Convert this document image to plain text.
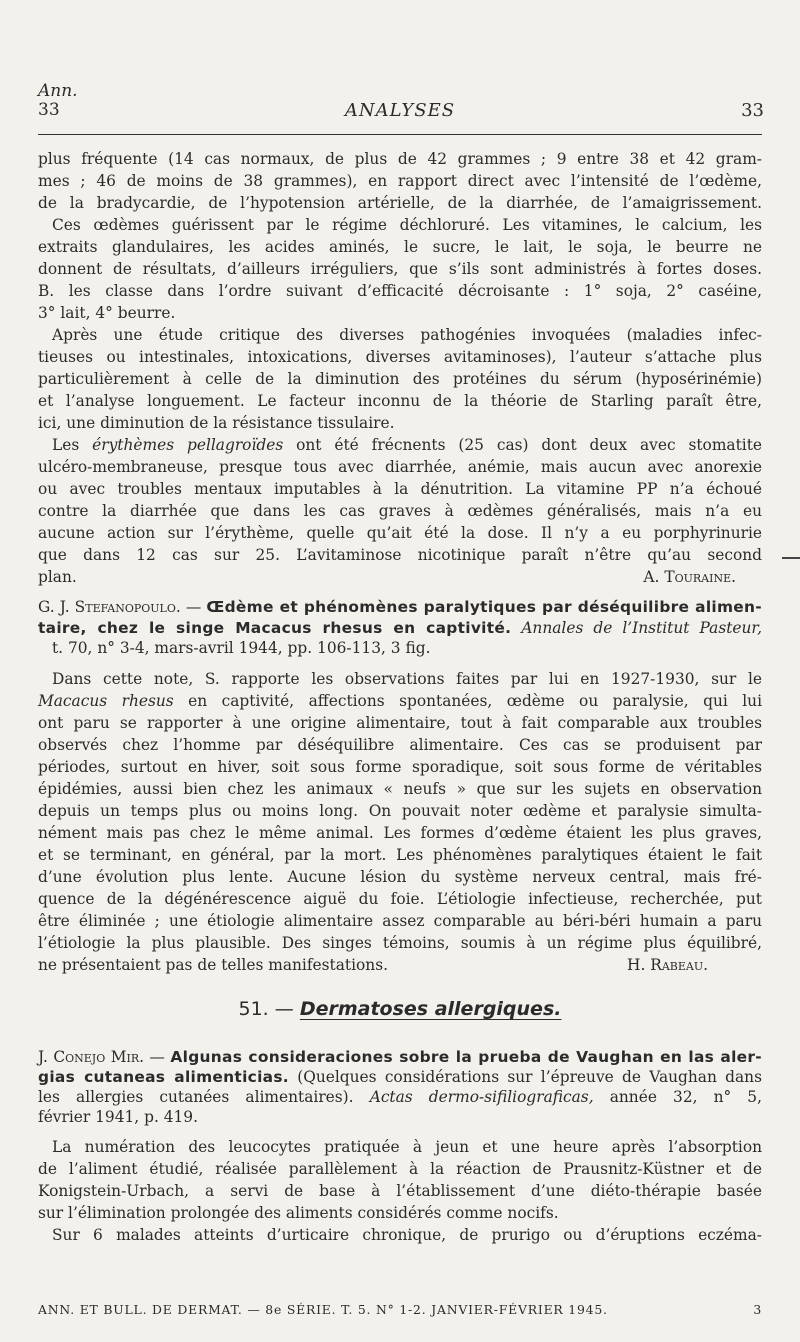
Ann.
33	ANALYSES	33
plus fréquente (14 cas normaux, de plus de 42 grammes ; 9 entre 38 et 42 gram-
mes ; 46 de moins de 38 grammes), en rapport direct avec l’intensité de l’œdème,
de la bradycardie, de l’hypotension artérielle, de la diarrhée, de l’amaigrissement.
Ces œdèmes guérissent par le régime déchloruré. Les vitamines, le calcium, les
extraits glandulaires, les acides aminés, le sucre, le lait, le soja, le beurre ne
donnent de résultats, d’ailleurs irréguliers, que s’ils sont administrés à fortes doses.
B. les classe dans l’ordre suivant d’efficacité décroisante : 1° soja, 2° caséine,
3° lait, 4° beurre.
Après une étude critique des diverses pathogénies invoquées (maladies infec-
tieuses ou intestinales, intoxications, diverses avitaminoses), l’auteur s’attache plus
particulièrement à celle de la diminution des protéines du sérum (hyposérinémie)
et l’analyse longuement. Le facteur inconnu de la théorie de Starling paraît être,
ici, une diminution de la résistance tissulaire.
Les érythèmes pellagroïdes ont été frécnents (25 cas) dont deux avec stomatite
ulcéro-membraneuse, presque tous avec diarrhée, anémie, mais aucun avec anorexie
ou avec troubles mentaux imputables à la dénutrition. La vitamine PP n’a échoué
contre la diarrhée que dans les cas graves à œdèmes généralisés, mais n’a eu
aucune action sur l’érythème, quelle qu’ait été la dose. Il n’y a eu porphyrinurie
que dans 12 cas sur 25. L’avitaminose nicotinique paraît n’être qu’au second
plan.	A. Touraine.
G. J. Stefanopoulo. — Œdème et phénomènes paralytiques par déséquilibre alimen-
taire, chez le singe Macacus rhesus en captivité. Annales de l’Institut Pasteur,
t. 70, n° 3-4, mars-avril 1944, pp. 106-113, 3 fig.
Dans cette note, S. rapporte les observations faites par lui en 1927-1930, sur le
Macacus rhesus en captivité, affections spontanées, œdème ou paralysie, qui lui
ont paru se rapporter à une origine alimentaire, tout à fait comparable aux troubles
observés chez l’homme par déséquilibre alimentaire. Ces cas se produisent par
périodes, surtout en hiver, soit sous forme sporadique, soit sous forme de véritables
épidémies, aussi bien chez les animaux « neufs » que sur les sujets en observation
depuis un temps plus ou moins long. On pouvait noter œdème et paralysie simulta-
nément mais pas chez le même animal. Les formes d’œdème étaient les plus graves,
et se terminant, en général, par la mort. Les phénomènes paralytiques étaient le fait
d’une évolution plus lente. Aucune lésion du système nerveux central, mais fré-
quence de la dégénérescence aiguë du foie. L’étiologie infectieuse, recherchée, put
être éliminée ; une étiologie alimentaire assez comparable au béri-béri humain a paru
l’étiologie la plus plausible. Des singes témoins, soumis à un régime plus équilibré,
ne présentaient pas de telles manifestations.	H. Rabeau.
51. — Dermatoses allergiques.
J. Conejo Mir. — Algunas consideraciones sobre la prueba de Vaughan en las aler-
gias cutaneas alimenticias. (Quelques considérations sur l’épreuve de Vaughan dans
les allergies cutanées alimentaires). Actas dermo-sifiliograficas, année 32, n° 5,
février 1941, p. 419.
La numération des leucocytes pratiquée à jeun et une heure après l’absorption
de l’aliment étudié, réalisée parallèlement à la réaction de Prausnitz-Küstner et de
Konigstein-Urbach, a servi de base à l’établissement d’une diéto-thérapie basée
sur l’élimination prolongée des aliments considérés comme nocifs.
Sur 6 malades atteints d’urticaire chronique, de prurigo ou d’éruptions eczéma-
ANN. ET BULL. DE DERMAT. — 8e SÉRIE. T. 5. N° 1-2. JANVIER-FÉVRIER 1945.	3
